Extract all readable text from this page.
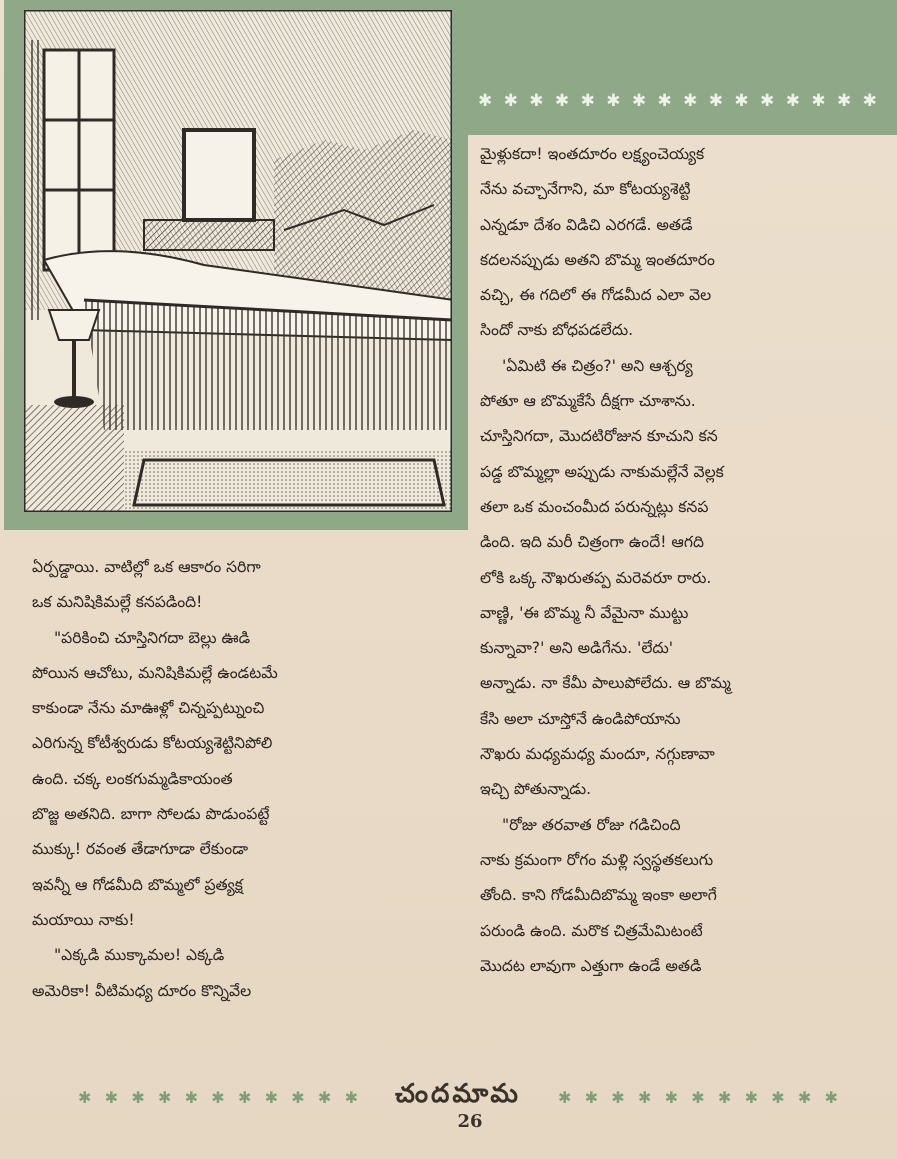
✱ ✱ ✱ ✱ ✱ ✱ ✱ ✱ ✱ ✱ ✱ ✱ ✱ ✱ ✱ ✱

మైళ్లుకదా! ఇంతదూరం లక్ష్యంచెయ్యక

నేను వచ్చానేగాని, మా కోటయ్యశెట్టి

ఎన్నడూ దేశం విడిచి ఎరగడే. అతడే

కదలనప్పుడు అతని బొమ్మ ఇంతదూరం

వచ్చి, ఈ గదిలో ఈ గోడమీద ఎలా వెల

సిందో నాకు బోధపడలేదు.

'ఏమిటి ఈ చిత్రం?' అని ఆశ్చర్య

పోతూ ఆ బొమ్మకేసే దీక్షగా చూశాను.

చూస్తినిగదా, మొదటిరోజున కూచుని కన

పడ్డ బొమ్మల్లా అప్పుడు నాకుమల్లేనే వెల్లక

తలా ఒక మంచంమీద పరున్నట్లు కనప

డింది. ఇది మరీ చిత్రంగా ఉందే! ఆగది

లోకి ఒక్క నౌఖరుతప్ప మరెవరూ రారు.

వాణ్ణి, 'ఈ బొమ్మ నీ వేమైనా ముట్టు

కున్నావా?' అని అడిగేను. 'లేదు'

అన్నాడు. నా కేమీ పాలుపోలేదు. ఆ బొమ్మ

కేసి అలా చూస్తోనే ఉండిపోయాను

నౌఖరు మధ్యమధ్య మందూ, నగ్గుణావా

ఇచ్చి పోతున్నాడు.

"రోజు తరవాత రోజు గడిచింది

నాకు క్రమంగా రోగం మళ్లి స్వస్థతకలుగు

తోంది. కాని గోడమీదిబొమ్మ ఇంకా అలాగే

పరుండి ఉంది. మరొక చిత్రమేమిటంటే

మొదట లావుగా ఎత్తుగా ఉండే అతడి

ఏర్పడ్డాయి. వాటిల్లో ఒక ఆకారం సరిగా

ఒక మనిషికిమల్లే కనపడింది!

"పరికించి చూస్తినిగదా బెల్లు ఊడి

పోయిన ఆచోటు, మనిషికిమల్లే ఉండటమే

కాకుండా నేను మాఊళ్లో చిన్నప్పట్నుంచి

ఎరిగున్న కోటీశ్వరుడు కోటయ్యశెట్టినిపోలి

ఉంది. చక్క లంకగుమ్మడికాయంత

బొజ్జ అతనిది. బాగా సోలడు పొడుంపట్టే

ముక్కు! రవంత తేడాగూడా లేకుండా

ఇవన్నీ ఆ గోడమీది బొమ్మలో ప్రత్యక్ష

మయాయి నాకు!

"ఎక్కడి ముక్కామల! ఎక్కడి

అమెరికా! వీటిమధ్య దూరం కొన్నివేల

✱ ✱ ✱ ✱ ✱ ✱ ✱ ✱ ✱ ✱ ✱ చందమామ ✱ ✱ ✱ ✱ ✱ ✱ ✱ ✱ ✱ ✱ ✱
26
